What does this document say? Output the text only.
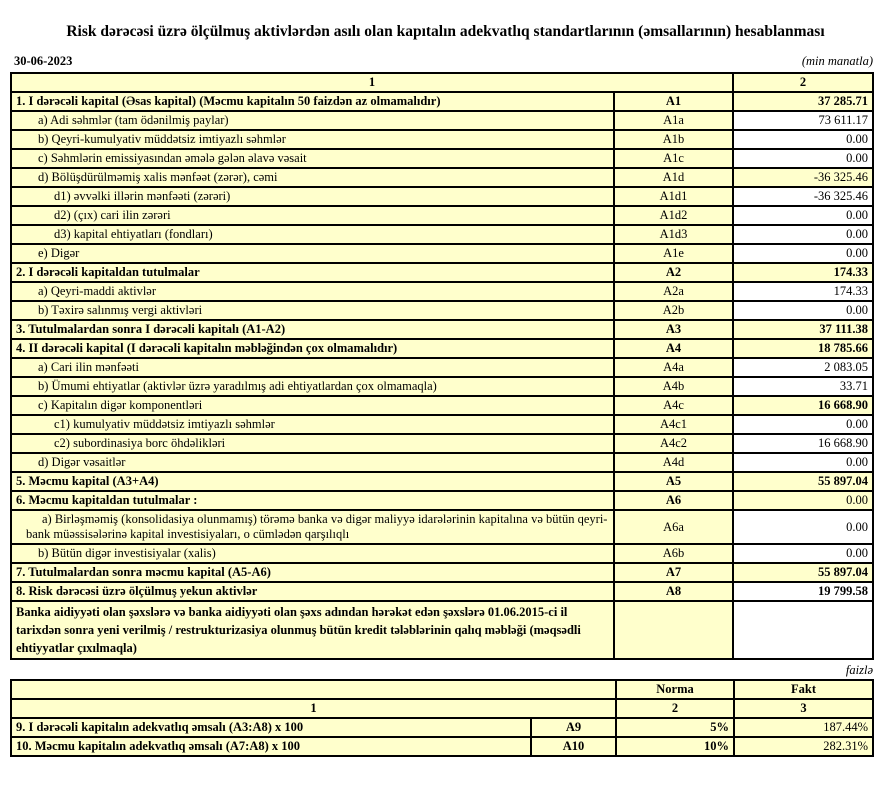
Risk dərəcəsi üzrə ölçülmuş aktivlərdən asılı olan kapıtalın adekvatlıq standartlarının (əmsallarının) hesablanması
30-06-2023	(min manatla)
1		2
1. I dərəcəli kapital (Əsas kapital) (Məcmu kapitalın 50 faizdən az olmamalıdır)	A1	37 285.71
a) Adi səhmlər (tam ödənilmiş paylar)	A1a	73 611.17
b) Qeyri-kumulyativ müddətsiz imtiyazlı səhmlər	A1b	0.00
c) Səhmlərin emissiyasından əmələ gələn əlavə vəsait	A1c	0.00
d) Bölüşdürülməmiş xalis mənfəət (zərər), cəmi	A1d	-36 325.46
d1) əvvəlki illərin mənfəəti (zərəri)	A1d1	-36 325.46
d2) (çıx) cari ilin zərəri	A1d2	0.00
d3) kapital ehtiyatları (fondları)	A1d3	0.00
e) Digər	A1e	0.00
2. I dərəcəli kapitaldan tutulmalar	A2	174.33
a) Qeyri-maddi aktivlər	A2a	174.33
b) Təxirə salınmış vergi aktivləri	A2b	0.00
3. Tutulmalardan sonra I dərəcəli kapitalı (A1-A2)	A3	37 111.38
4. II dərəcəli kapital (I dərəcəli kapitalın məbləğindən çox olmamalıdır)	A4	18 785.66
a) Cari ilin mənfəəti	A4a	2 083.05
b) Ümumi ehtiyatlar (aktivlər üzrə yaradılmış adi ehtiyatlardan çox olmamaqla)	A4b	33.71
c) Kapitalın digər komponentləri	A4c	16 668.90
c1) kumulyativ müddətsiz imtiyazlı səhmlər	A4c1	0.00
c2) subordinasiya borc öhdəlikləri	A4c2	16 668.90
d) Digər vəsaitlər	A4d	0.00
5. Məcmu kapital (A3+A4)	A5	55 897.04
6. Məcmu kapitaldan tutulmalar :	A6	0.00
a) Birləşməmiş (konsolidasiya olunmamış) törəmə banka və digər maliyyə idarələrinin kapitalına və bütün qeyri-bank müəssisələrinə kapital investisiyaları, o cümlədən qarşılıqlı	A6a	0.00
b) Bütün digər investisiyalar (xalis)	A6b	0.00
7. Tutulmalardan sonra məcmu kapital (A5-A6)	A7	55 897.04
8. Risk dərəcəsi üzrə ölçülmuş yekun aktivlər	A8	19 799.58
Banka aidiyyəti olan şəxslərə və banka aidiyyəti olan şəxs adından hərəkət edən şəxslərə 01.06.2015-ci il tarixdən sonra yeni verilmiş / restrukturizasiya olunmuş bütün kredit tələblərinin qalıq məbləği (məqsədli ehtiyyatlar çıxılmaqla)		
faizlə
		Norma	Fakt
1		2	3
9. I dərəcəli kapitalın adekvatlıq əmsalı (A3:A8) x 100	A9	5%	187.44%
10. Məcmu kapitalın adekvatlıq əmsalı (A7:A8) x 100	A10	10%	282.31%
